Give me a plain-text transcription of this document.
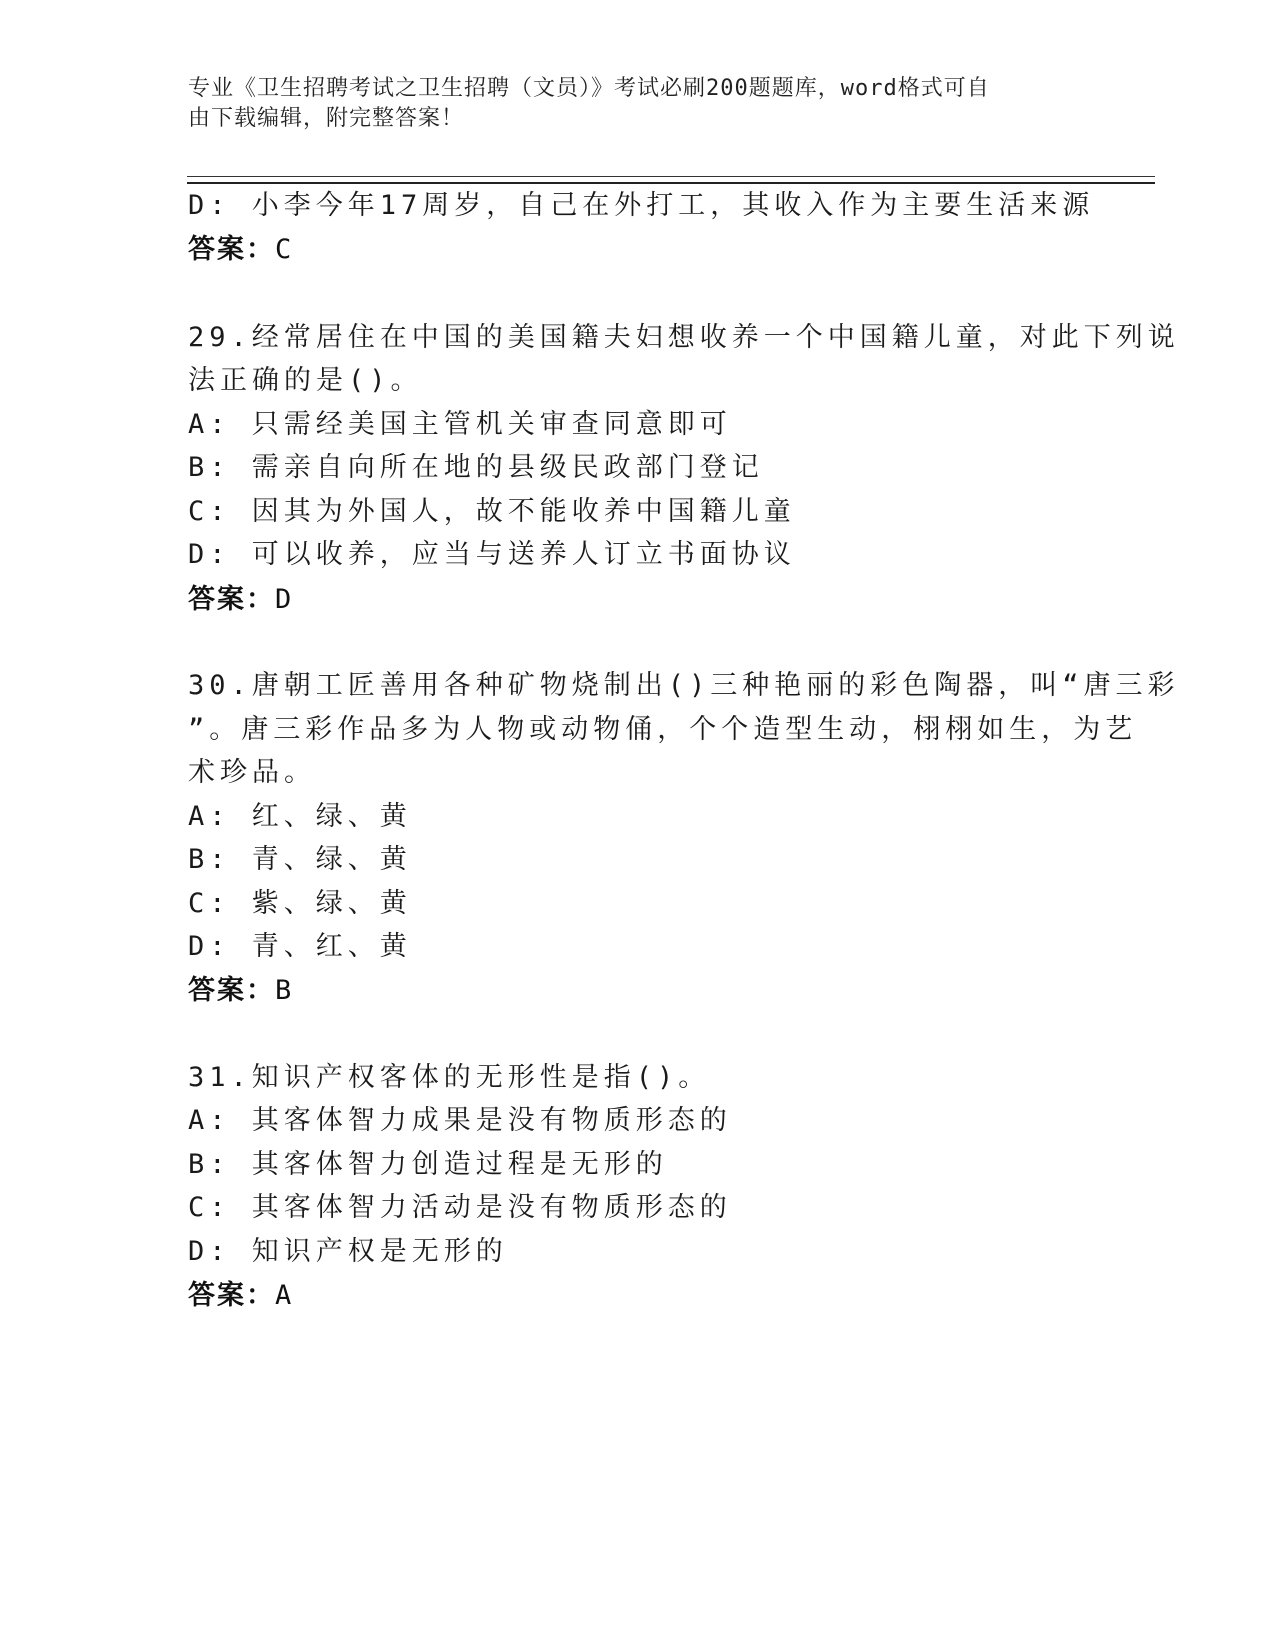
专业《卫生招聘考试之卫生招聘（文员）》考试必刷200题题库，word格式可自
由下载编辑，附完整答案！
D: 小李今年17周岁，自己在外打工，其收入作为主要生活来源
答案：C
29.经常居住在中国的美国籍夫妇想收养一个中国籍儿童，对此下列说
法正确的是()。
A: 只需经美国主管机关审查同意即可
B: 需亲自向所在地的县级民政部门登记
C: 因其为外国人，故不能收养中国籍儿童
D: 可以收养，应当与送养人订立书面协议
答案：D
30.唐朝工匠善用各种矿物烧制出()三种艳丽的彩色陶器，叫“唐三彩
”。唐三彩作品多为人物或动物俑，个个造型生动，栩栩如生，为艺
术珍品。
A: 红、绿、黄
B: 青、绿、黄
C: 紫、绿、黄
D: 青、红、黄
答案：B
31.知识产权客体的无形性是指()。
A: 其客体智力成果是没有物质形态的
B: 其客体智力创造过程是无形的
C: 其客体智力活动是没有物质形态的
D: 知识产权是无形的
答案：A
